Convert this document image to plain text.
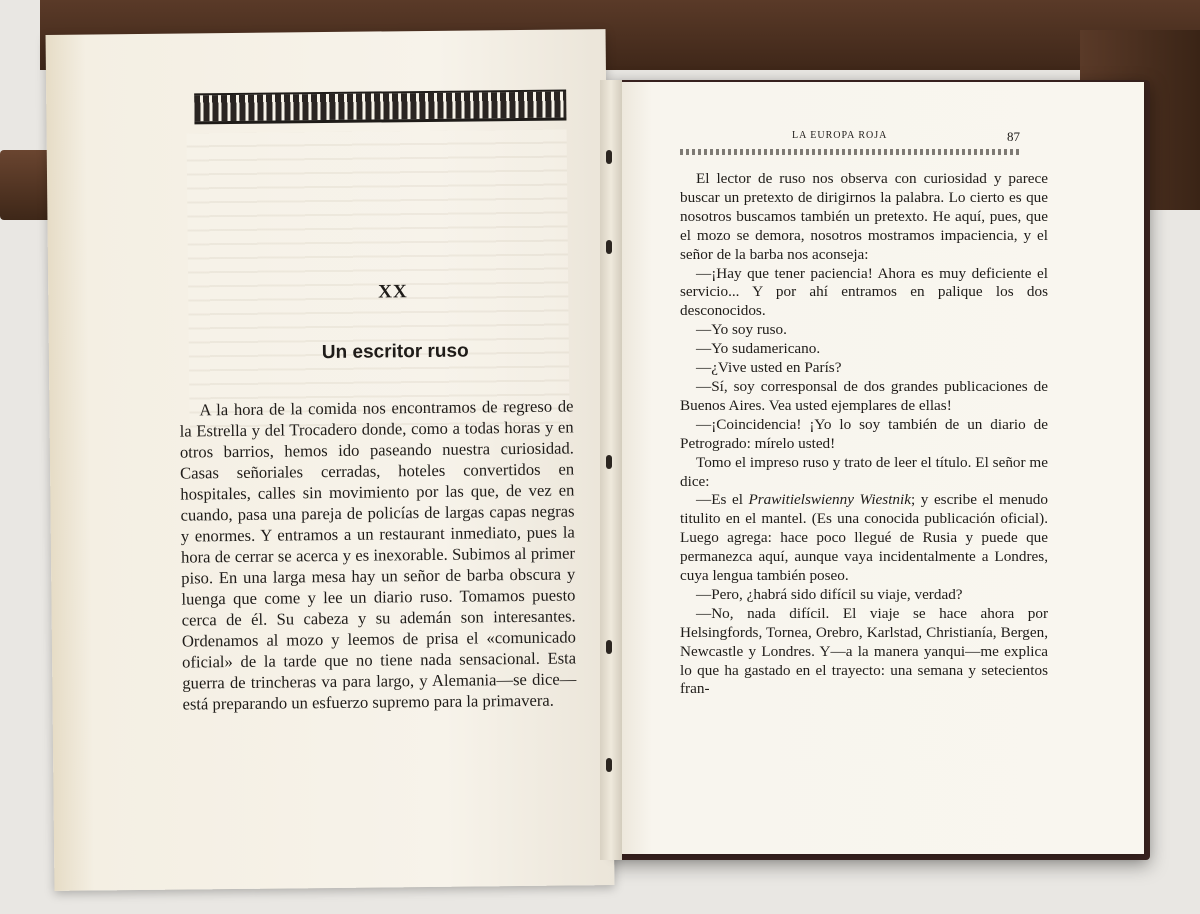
XX
Un escritor ruso

A la hora de la comida nos encontramos de regreso de la Estrella y del Trocadero donde, como a todas horas y en otros barrios, hemos ido paseando nuestra curiosidad. Casas señoriales cerradas, hoteles convertidos en hospitales, calles sin movimiento por las que, de vez en cuando, pasa una pareja de policías de largas capas negras y enormes. Y entramos a un restaurant inmediato, pues la hora de cerrar se acerca y es inexorable. Subimos al primer piso. En una larga mesa hay un señor de barba obscura y luenga que come y lee un diario ruso. Tomamos puesto cerca de él. Su cabeza y su ademán son interesantes. Ordenamos al mozo y leemos de prisa el «comunicado oficial» de la tarde que no tiene nada sensacional. Esta guerra de trincheras va para largo, y Alemania—se dice—está preparando un esfuerzo supremo para la primavera.

LA EUROPA ROJA	87

El lector de ruso nos observa con curiosidad y parece buscar un pretexto de dirigirnos la palabra. Lo cierto es que nosotros buscamos también un pretexto. He aquí, pues, que el mozo se demora, nosotros mostramos impaciencia, y el señor de la barba nos aconseja:

—¡Hay que tener paciencia! Ahora es muy deficiente el servicio... Y por ahí entramos en palique los dos desconocidos.

—Yo soy ruso.

—Yo sudamericano.

—¿Vive usted en París?

—Sí, soy corresponsal de dos grandes publicaciones de Buenos Aires. Vea usted ejemplares de ellas!

—¡Coincidencia! ¡Yo lo soy también de un diario de Petrogrado: mírelo usted!

Tomo el impreso ruso y trato de leer el título. El señor me dice:

—Es el Prawitielswienny Wiestnik; y escribe el menudo titulito en el mantel. (Es una conocida publicación oficial). Luego agrega: hace poco llegué de Rusia y puede que permanezca aquí, aunque vaya incidentalmente a Londres, cuya lengua también poseo.

—Pero, ¿habrá sido difícil su viaje, verdad?

—No, nada difícil. El viaje se hace ahora por Helsingfords, Tornea, Orebro, Karlstad, Christianía, Bergen, Newcastle y Londres. Y—a la manera yanqui—me explica lo que ha gastado en el trayecto: una semana y setecientos fran-
